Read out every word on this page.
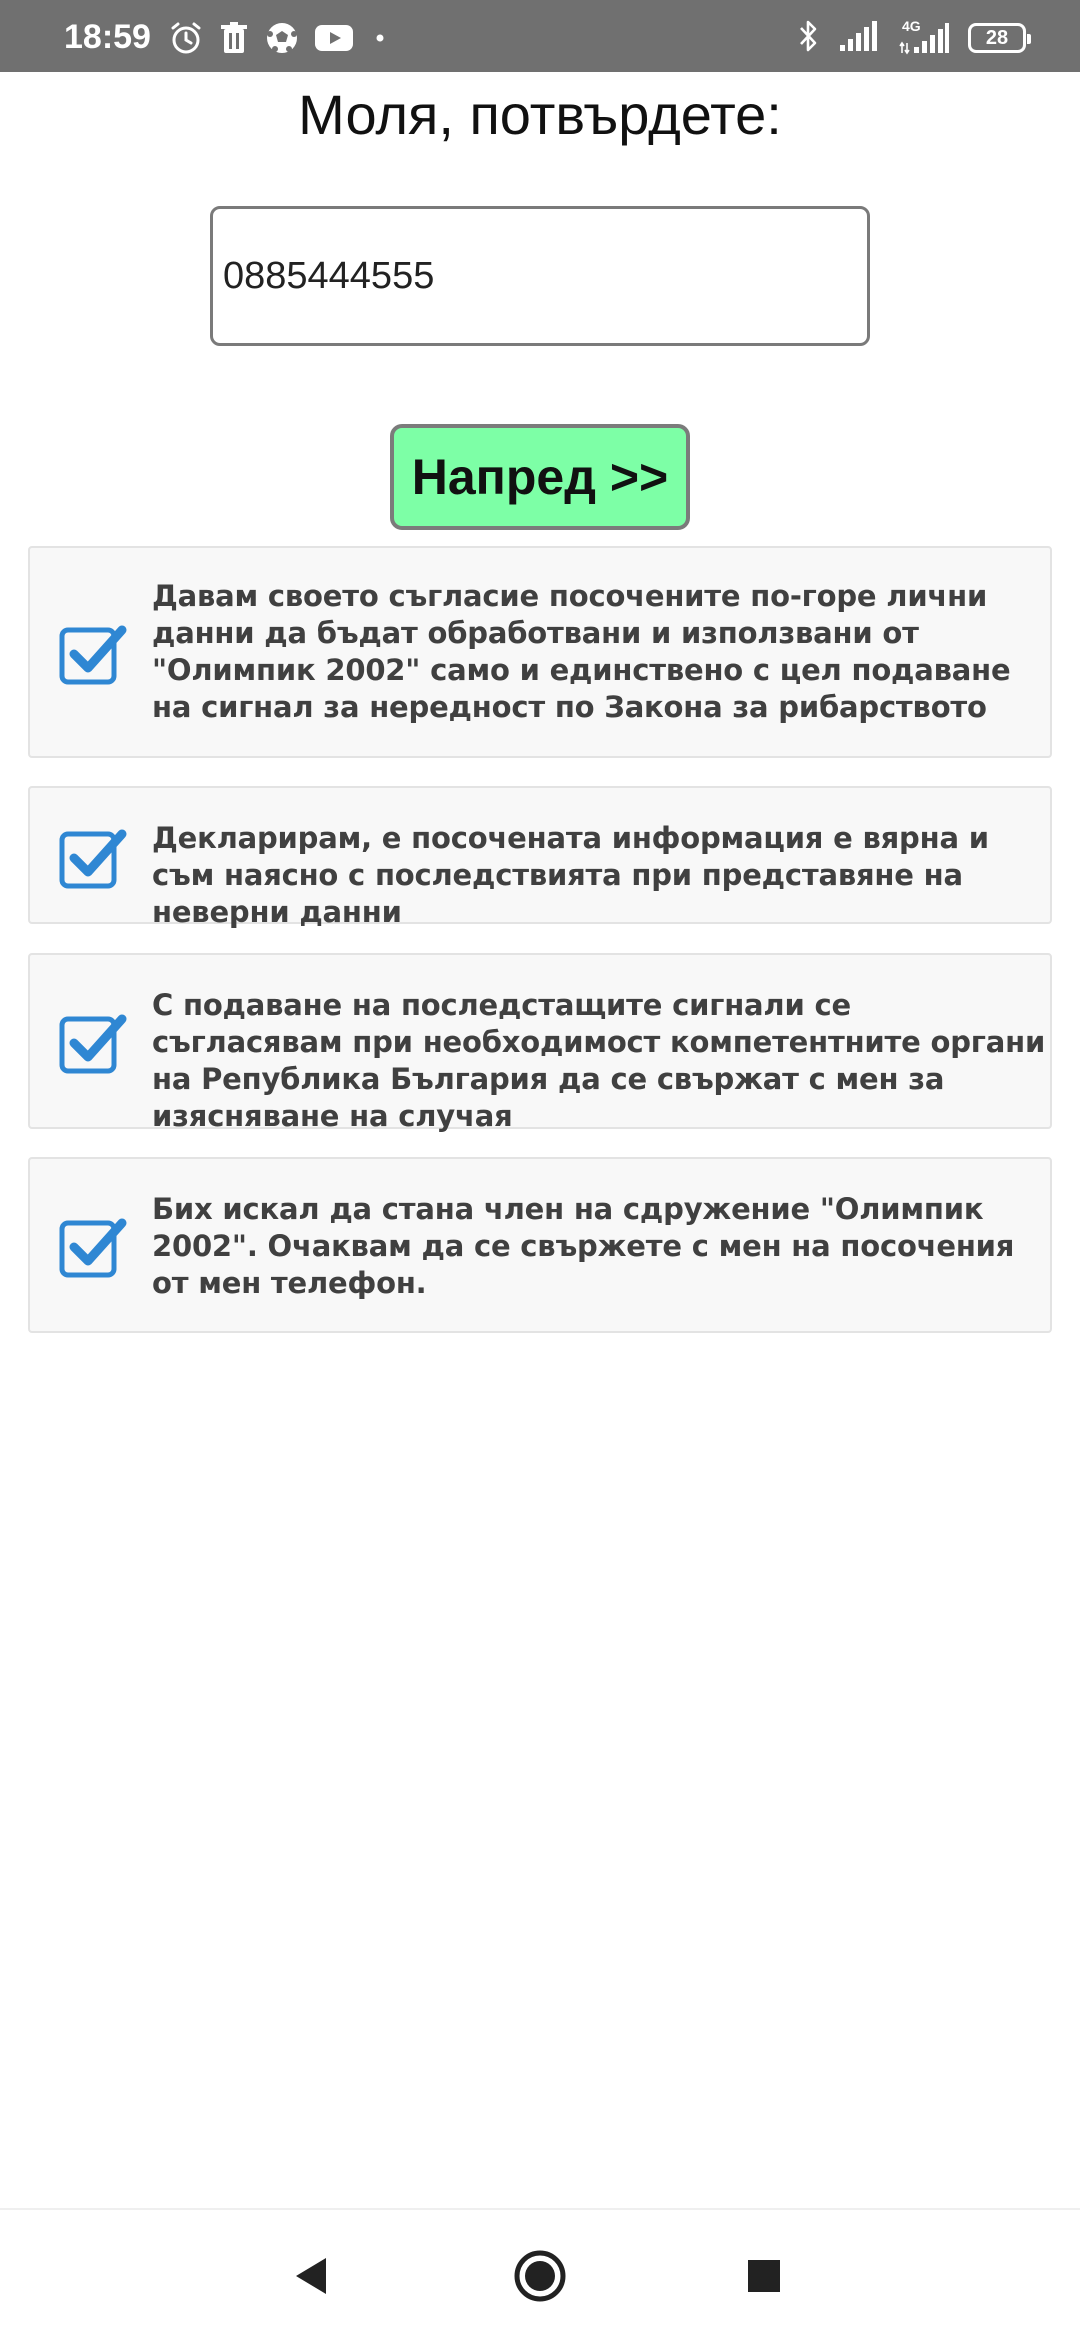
18:59	4G
28
Моля, потвърдете:
0885444555
Напред >>
Давам своето съгласие посочените по-горе лични данни да бъдат обработвани и използвани от "Олимпик 2002" само и единствено с цел подаване на сигнал за нередност по Закона за рибарството
Декларирам, е посочената информация е вярна и съм наясно с последствията при представяне на неверни данни
С подаване на последстащите сигнали се съгласявам при необходимост компетентните органи на Република България да се свържат с мен за изясняване на случая
Бих искал да стана член на сдружение "Олимпик 2002". Очаквам да се свържете с мен на посочения от мен телефон.
